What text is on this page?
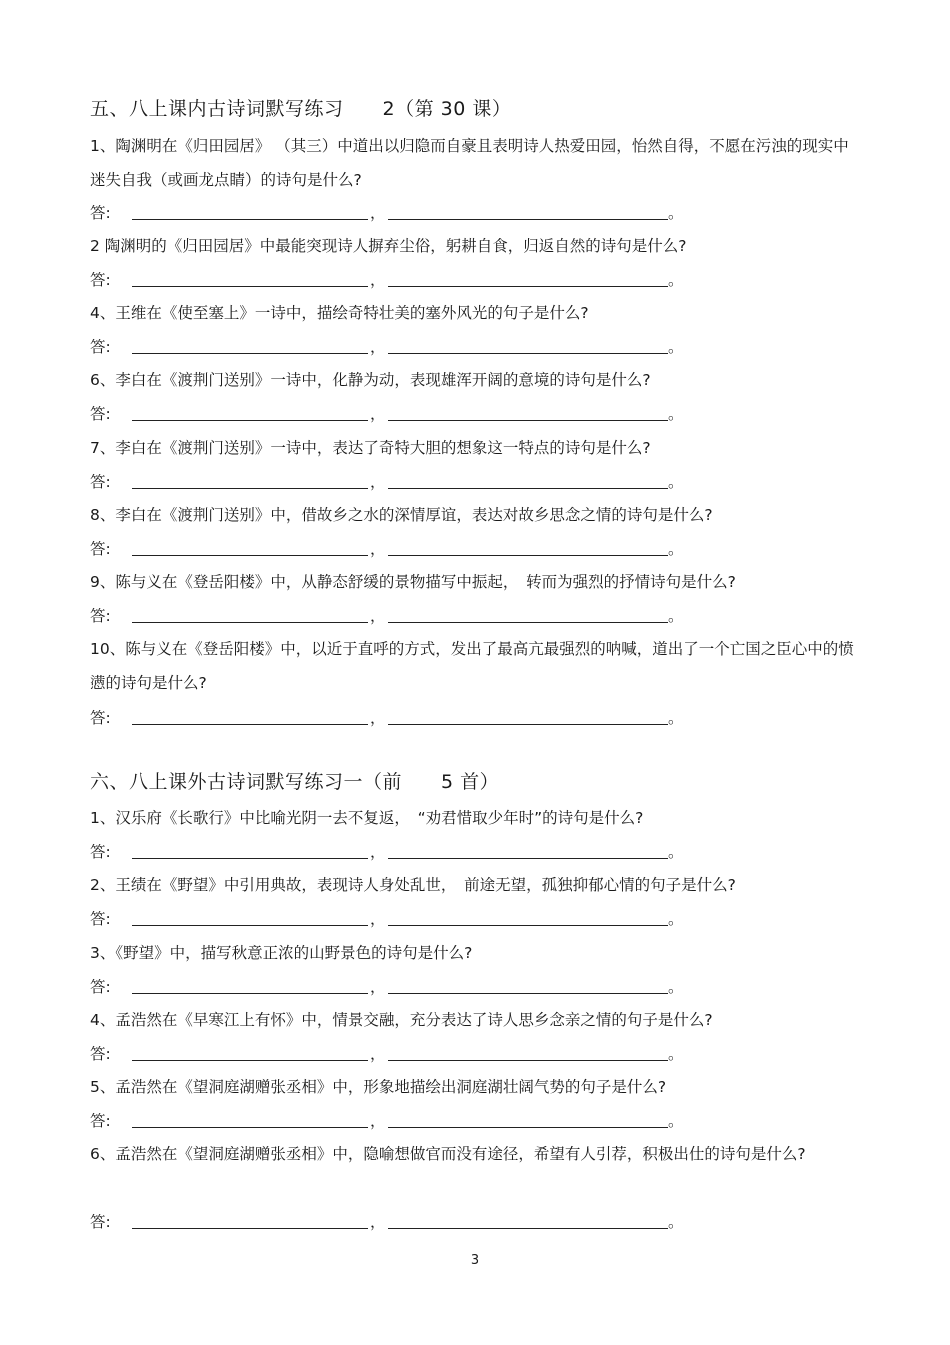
五、八上课内古诗词默写练习　　2（第 30 课）
1、陶渊明在《归田园居》 （其三）中道出以归隐而自豪且表明诗人热爱田园，怡然自得，不愿在污浊的现实中迷失自我（或画龙点睛）的诗句是什么?
答:	，	。
2 陶渊明的《归田园居》中最能突现诗人摒弃尘俗，躬耕自食，归返自然的诗句是什么?
答:	，	。
4、王维在《使至塞上》一诗中，描绘奇特壮美的塞外风光的句子是什么?
答:	，	。
6、李白在《渡荆门送别》一诗中，化静为动，表现雄浑开阔的意境的诗句是什么?
答:	，	。
7、李白在《渡荆门送别》一诗中，表达了奇特大胆的想象这一特点的诗句是什么?
答:	，	。
8、李白在《渡荆门送别》中，借故乡之水的深情厚谊，表达对故乡思念之情的诗句是什么?
答:	，	。
9、陈与义在《登岳阳楼》中，从静态舒缓的景物描写中振起，　转而为强烈的抒情诗句是什么?
答:	，	。
10、陈与义在《登岳阳楼》中，以近于直呼的方式，发出了最高亢最强烈的呐喊，道出了一个亡国之臣心中的愤懑的诗句是什么?
答:	，	。
六、八上课外古诗词默写练习一（前　　5 首）
1、汉乐府《长歌行》中比喻光阴一去不复返，　“劝君惜取少年时”的诗句是什么?
答:	，	。
2、王绩在《野望》中引用典故，表现诗人身处乱世，　前途无望，孤独抑郁心情的句子是什么?
答:	，	。
3、《野望》中，描写秋意正浓的山野景色的诗句是什么?
答:	，	。
4、孟浩然在《早寒江上有怀》中，情景交融，充分表达了诗人思乡念亲之情的句子是什么?
答:	，	。
5、孟浩然在《望洞庭湖赠张丞相》中，形象地描绘出洞庭湖壮阔气势的句子是什么?
答:	，	。
6、孟浩然在《望洞庭湖赠张丞相》中，隐喻想做官而没有途径，希望有人引荐，积极出仕的诗句是什么?
答:	，	。
3
